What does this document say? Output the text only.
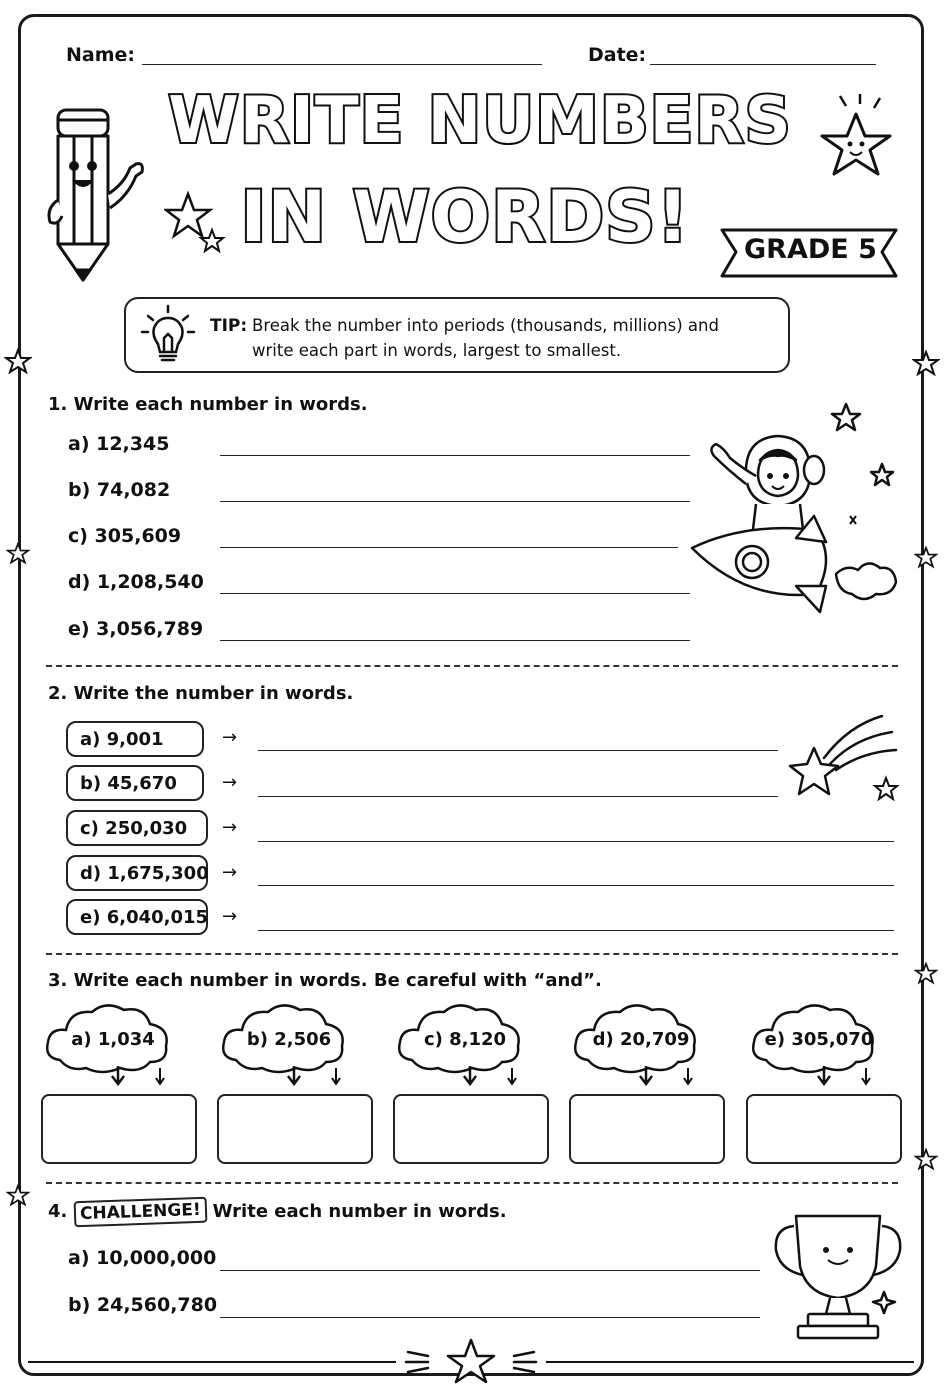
Name:	Date:
WRITE NUMBERS
IN WORDS!	GRADE 5
TIP: Break the number into periods (thousands, millions) and
write each part in words, largest to smallest.
1. Write each number in words.
a) 12,345
b) 74,082
c) 305,609
d) 1,208,540
e) 3,056,789
2. Write the number in words.
a) 9,001	→
b) 45,670	→
c) 250,030	→
d) 1,675,300 →
e) 6,040,015 →
3. Write each number in words. Be careful with “and”.
a) 1,034	b) 2,506	c) 8,120	d) 20,709	e) 305,070
4. CHALLENGE! Write each number in words.
a) 10,000,000
b) 24,560,780
